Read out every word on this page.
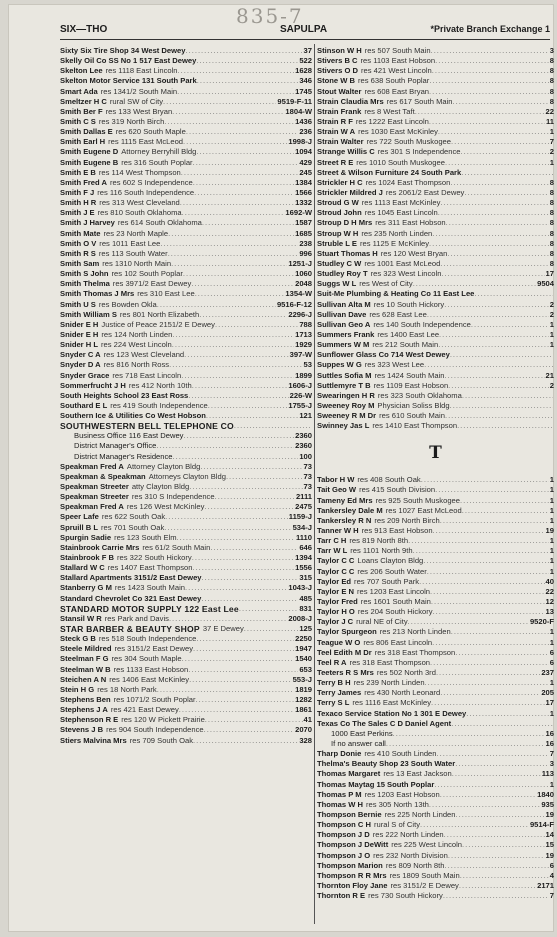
835-7
SIX—THO	SAPULPA	*Private Branch Exchange 1
Sixty Six Tire Shop 34 West Dewey .....	37
Skelly Oil Co SS No 1 517 East Dewey .....	522
Skelton Lee res 1118 East Lincoln .....	1628
Skelton Motor Service 131 South Park .....	346
Smart Ada res 1341/2 South Main .....	1745
Smeltzer H C rural SW of City .....	9519-F-11
Smith Ber F res 133 West Bryan .....	1804-W
Smith C S res 319 North Birch .....	1436
Smith Dallas E res 620 South Maple .....	236
Smith Earl H res 1115 East McLeod .....	1998-J
Smith Eugene D Attorney Berryhill Bldg .....	1094
Smith Eugene B res 316 South Poplar .....	429
Smith E B res 114 West Thompson .....	245
Smith Fred A res 602 S Independence .....	1384
Smith F J res 116 South Independence .....	1566
Smith H R res 313 West Cleveland .....	1332
Smith J E res 810 South Oklahoma .....	1692-W
Smith J Harvey res 614 South Oklahoma .....	1587
Smith Mate res 23 North Maple .....	1685
Smith O V res 1011 East Lee .....	238
Smith R S res 113 South Water .....	996
Smith Sam res 1310 North Main .....	1251-J
Smith S John res 102 South Poplar .....	1060
Smith Thelma res 3971/2 East Dewey .....	2048
Smith Thomas J Mrs res 310 East Lee .....	1354-W
Smith U S res Bowden Okla .....	9516-F-12
Smith William S res 801 North Elizabeth .....	2296-J
Snider E H Justice of Peace 2151/2 E Dewey .....	788
Snider E H res 124 North Linden .....	1713
Snider H L res 224 West Lincoln .....	1929
Snyder C A res 123 West Cleveland .....	397-W
Snyder D A res 816 North Ross .....	53
Snyder Grace res 718 East Lincoln .....	1899
Sommerfrucht J H res 412 North 10th .....	1606-J
South Heights School 23 East Ross .....	226-W
Southard E L res 419 South Independence .....	1755-J
Southern Ice & Utilities Co West Hobson .....	121
SOUTHWESTERN BELL TELEPHONE CO
.....
Business Office 116 East Dewey .....	2360
District Manager's Office .....	2360
District Manager's Residence .....	100
Speakman Fred A Attorney Clayton Bldg .....	73
Speakman & Speakman Attorneys Clayton Bldg .....	73
Speakman Streeter atty Clayton Bldg .....	73
Speakman Streeter res 310 S Independence .....	2111
Speakman Fred A res 126 West McKinley .....	2475
Speer Lafe res 622 South Oak .....	1159-J
Spruill B L res 701 South Oak .....	534-J
Spurgin Sadie res 123 South Elm .....	1110
Stainbrook Carrie Mrs res 61/2 South Main .....	646
Stainbrook F B res 322 South Hickory .....	1394
Stallard W C res 1407 East Thompson .....	1556
Stallard Apartments 3151/2 East Dewey .....	315
Stanberry G M res 1423 South Main .....	1043-J
Standard Chevrolet Co 321 East Dewey .....	485
STANDARD MOTOR SUPPLY 122 East Lee .....	831
Stansil W R res Park and Davis .....	2008-J
STAR BARBER & BEAUTY SHOP 37 E Dewey .....	125
Steck G B res 518 South Independence .....	2250
Steele Mildred res 3151/2 East Dewey .....	1947
Steelman F G res 304 South Maple .....	1540
Steelman W B res 1133 East Hobson .....	653
Steichen A N res 1406 East McKinley .....	553-J
Stein H G res 18 North Park .....	1819
Stephens Ben res 1071/2 South Poplar .....	1282
Stephens J A res 421 East Dewey .....	1861
Stephenson R E res 120 W Pickett Prairie .....	41
Stevens J B res 904 South Independence .....	2070
Stiers Malvina Mrs res 709 South Oak .....	328
Stinson W H res 507 South Main .....	3
Stivers B C res 1103 East Hobson .....	8
Stivers O D res 421 West Lincoln .....	8
Stone W B res 638 South Poplar .....	8
Stout Walter res 608 East Bryan .....	8
Strain Claudia Mrs res 617 South Main .....	8
Strain Frank res 8 West Taft .....	22
Strain R F res 1222 East Lincoln .....	11
Strain W A res 1030 East McKinley .....	1
Strain Walter res 722 South Muskogee .....	7
Strange Willis C res 301 S Independence .....	2
Street R E res 1010 South Muskogee .....	1
Street & Wilson Furniture 24 South Park
.....
Strickler H C res 1024 East Thompson .....	8
Strickler Mildred J res 2061/2 East Dewey .....	8
Stroud G W res 1113 East McKinley .....	8
Stroud John res 1045 East Lincoln .....	8
Stroup D H Mrs res 311 East Hobson .....	8
Stroup W H res 235 North Linden .....	8
Struble L E res 1125 E McKinley .....	8
Stuart Thomas H res 120 West Bryan .....	8
Studley C W res 1001 East McLeod .....	8
Studley Roy T res 323 West Lincoln .....	17
Suggs W L res West of City .....	9504
Suit-Me Plumbing & Heating Co 11 East Lee
.....
Sullivan Alta M res 10 South Hickory .....	2
Sullivan Dave res 628 East Lee .....	2
Sullivan Geo A res 140 South Independence .....	1
Summers Frank res 1400 East Lee .....	1
Summers W M res 212 South Main .....	1
Sunflower Glass Co 714 West Dewey
.....
Suppes W G res 323 West Lee
.....
Suttles Sofia M res 1424 South Main .....	21
Suttlemyre T B res 1109 East Hobson .....	2
Swearingen H R res 323 South Oklahoma
.....
Sweeney Roy M Physician Soliss Bldg
.....
Sweeney R M Dr res 610 South Main
.....
Swinney Jas L res 1410 East Thompson
.....
T
Tabor H W res 408 South Oak .....	1
Tait Geo W res 415 South Division .....	1
Tameny Ed Mrs res 925 South Muskogee .....	1
Tankersley Dale M res 1027 East McLeod .....	1
Tankersley R N res 209 North Birch .....	1
Tanner W H res 913 East Hobson .....	19
Tarr C H res 819 North 8th .....	1
Tarr W L res 1101 North 9th .....	1
Taylor C C Loans Clayton Bldg .....	1
Taylor C C res 206 South Water .....	1
Taylor Ed res 707 South Park .....	40
Taylor E N res 1203 East Lincoln .....	22
Taylor Fred res 1601 South Main .....	12
Taylor H O res 204 South Hickory .....	13
Taylor J C rural NE of City .....	9520-F
Taylor Spurgeon res 213 North Linden .....	1
Teague W O res 806 East Lincoln .....	1
Teel Edith M Dr res 318 East Thompson .....	6
Teel R A res 318 East Thompson .....	6
Teeters R S Mrs res 502 North 3rd .....	237
Terry B H res 239 North Linden .....	1
Terry James res 430 North Leonard .....	205
Terry S L res 1116 East McKinley .....	17
Texaco Service Station No 1 301 E Dewey .....	1
Texas Co The Sales C D Daniel Agent
.....
1000 East Perkins .....	16
If no answer call .....	16
Tharp Donie res 410 South Linden .....	7
Thelma's Beauty Shop 23 South Water .....	3
Thomas Margaret res 13 East Jackson .....	113
Thomas Maytag 15 South Poplar .....	1
Thomas P M res 1203 East Hobson .....	1840
Thomas W H res 305 North 13th .....	935
Thompson Bernie res 225 North Linden .....	19
Thompson C H rural S of City .....	9514-F
Thompson J D res 222 North Linden .....	14
Thompson J DeWitt res 225 West Lincoln .....	15
Thompson J O res 232 North Division .....	19
Thompson Marion res 809 North 8th .....	6
Thompson R R Mrs res 1809 South Main .....	4
Thornton Floy Jane res 3151/2 E Dewey .....	2171
Thornton R E res 730 South Hickory .....	7
